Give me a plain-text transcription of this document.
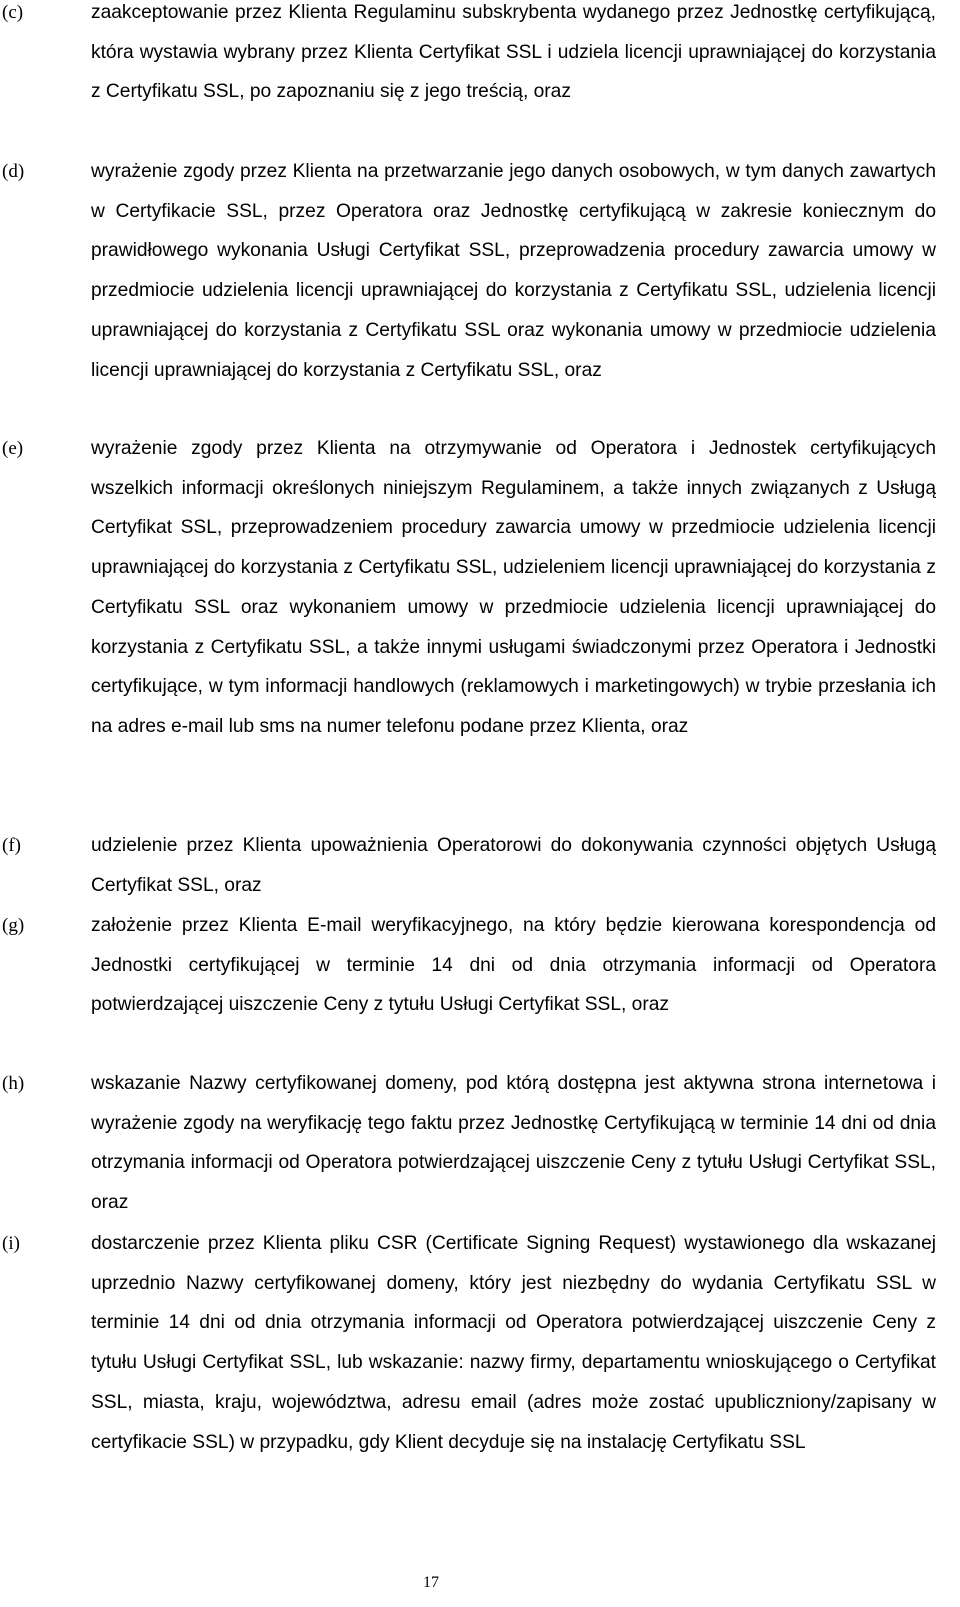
(c)	zaakceptowanie przez Klienta Regulaminu subskrybenta wydanego przez Jednostkę certyfikującą, która wystawia wybrany przez Klienta Certyfikat SSL i udziela licencji uprawniającej do korzystania z Certyfikatu SSL, po zapoznaniu się z jego treścią, oraz
(d)	wyrażenie zgody przez Klienta na przetwarzanie jego danych osobowych, w tym danych zawartych w Certyfikacie SSL, przez Operatora oraz Jednostkę certyfikującą w zakresie koniecznym do prawidłowego wykonania Usługi Certyfikat SSL, przeprowadzenia procedury zawarcia umowy w przedmiocie udzielenia licencji uprawniającej do korzystania z Certyfikatu SSL, udzielenia licencji uprawniającej do korzystania z Certyfikatu SSL oraz wykonania umowy w przedmiocie udzielenia licencji uprawniającej do korzystania z Certyfikatu SSL, oraz
(e)	wyrażenie zgody przez Klienta na otrzymywanie od Operatora i Jednostek certyfikujących wszelkich informacji określonych niniejszym Regulaminem, a także innych związanych z Usługą Certyfikat SSL, przeprowadzeniem procedury zawarcia umowy w przedmiocie udzielenia licencji uprawniającej do korzystania z Certyfikatu SSL, udzieleniem licencji uprawniającej do korzystania z Certyfikatu SSL oraz wykonaniem umowy w przedmiocie udzielenia licencji uprawniającej do korzystania z Certyfikatu SSL, a także innymi usługami świadczonymi przez Operatora i Jednostki certyfikujące, w tym informacji handlowych (reklamowych i marketingowych) w trybie przesłania ich na adres e-mail lub sms na numer telefonu podane przez Klienta, oraz
(f)	udzielenie przez Klienta upoważnienia Operatorowi do dokonywania czynności objętych Usługą Certyfikat SSL, oraz
(g)	założenie przez Klienta E-mail weryfikacyjnego, na który będzie kierowana korespondencja od Jednostki certyfikującej w terminie 14 dni od dnia otrzymania informacji od Operatora potwierdzającej uiszczenie Ceny z tytułu Usługi Certyfikat SSL, oraz
(h)	wskazanie Nazwy certyfikowanej domeny, pod którą dostępna jest aktywna strona internetowa i wyrażenie zgody na weryfikację tego faktu przez Jednostkę Certyfikującą w terminie 14 dni od dnia otrzymania informacji od Operatora potwierdzającej uiszczenie Ceny z tytułu Usługi Certyfikat SSL, oraz
(i)	dostarczenie przez Klienta pliku CSR (Certificate Signing Request) wystawionego dla wskazanej uprzednio Nazwy certyfikowanej domeny, który jest niezbędny do wydania Certyfikatu SSL w terminie 14 dni od dnia otrzymania informacji od Operatora potwierdzającej uiszczenie Ceny z tytułu Usługi Certyfikat SSL, lub wskazanie: nazwy firmy, departamentu wnioskującego o Certyfikat SSL, miasta, kraju, województwa, adresu email (adres może zostać upubliczniony/zapisany w certyfikacie SSL) w przypadku, gdy Klient decyduje się na instalację Certyfikatu SSL
17
